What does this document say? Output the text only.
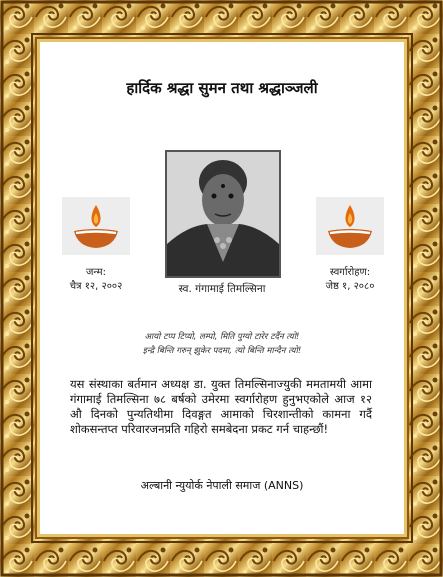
हार्दिक श्रद्धा सुमन तथा श्रद्धाञ्जली
जन्म:
चैत्र १२, २००२
स्वर्गारोहण:
जेष्ठ १, २०८०
स्व. गंगामाई तिमल्सिना
आयो टप्प टिप्यो, लम्पो, मिति पुग्यो टारेर टर्दैन त्यो!
इन्द्रै बिन्ति गरुन् झुकेर पदमा, त्यो बिन्ति मान्दैन त्यो!
यस संस्थाका बर्तमान अध्यक्ष डा. युक्त तिमल्सिनाज्युकी ममतामयी आमा गंगामाई तिमल्सिना ७८ बर्षको उमेरमा स्वर्गारोहण हुनुभएकोले आज १२ औ दिनको पुन्यतिथीमा दिवङ्गत आमाको चिरशान्तीको कामना गर्दै शोकसन्तप्त परिवारजनप्रति गहिरो समबेदना प्रकट गर्न चाहन्छौं!
अल्बानी न्युयोर्क नेपाली समाज (ANNS)
